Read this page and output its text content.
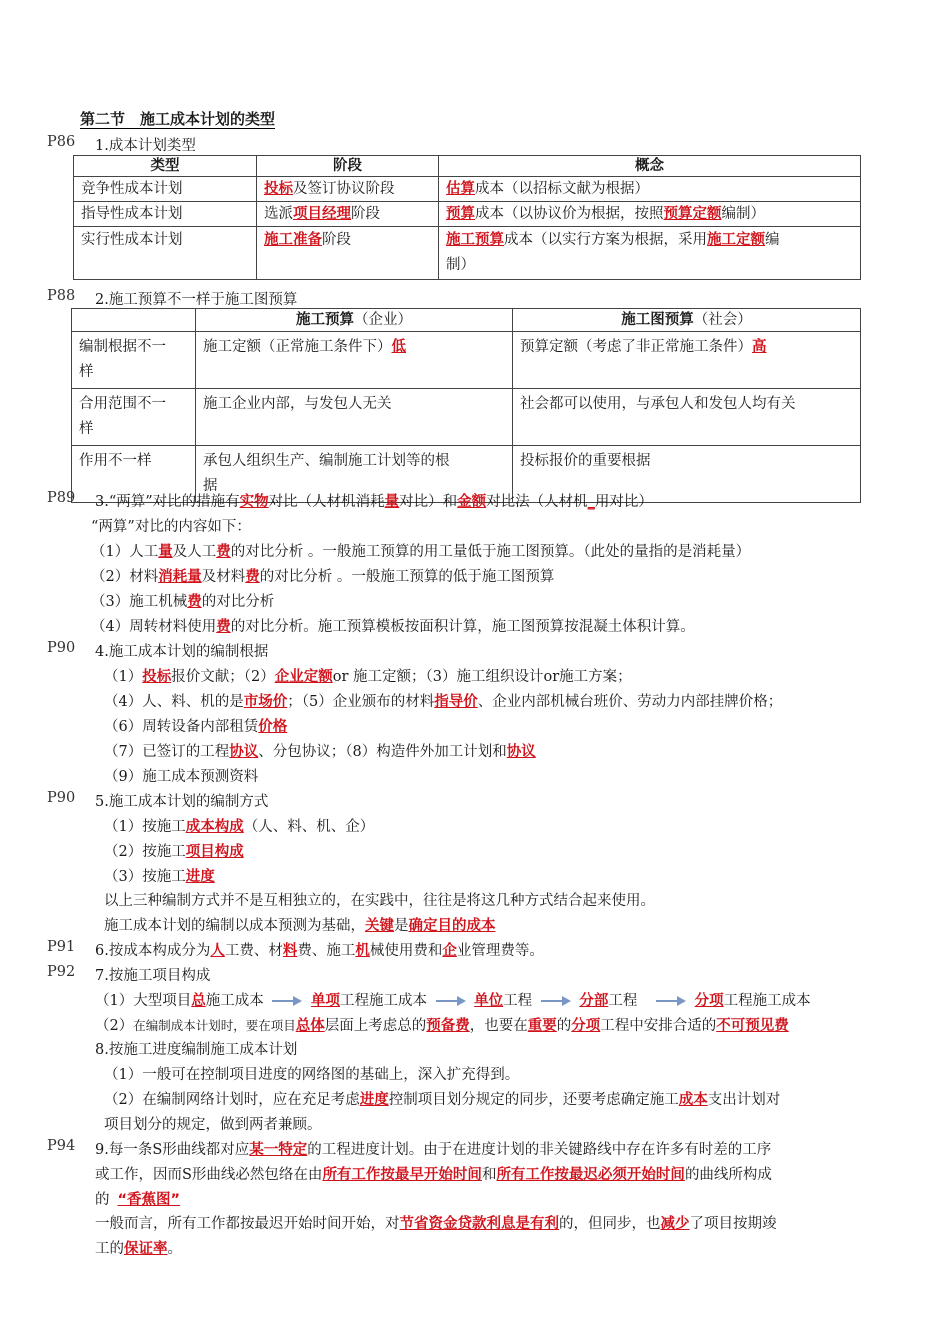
第二节　施工成本计划的类型
P86 1.成本计划类型
类型	阶段	概念
竞争性成本计划	投标及签订协议阶段	估算成本（以招标文献为根据）
指导性成本计划	选派项目经理阶段	预算成本（以协议价为根据，按照预算定额编制）
实行性成本计划	施工准备阶段	施工预算成本（以实行方案为根据，采用施工定额编
制）
P88 2.施工预算不一样于施工图预算
	施工预算（企业）	施工图预算（社会）
编制根据不一
样	施工定额（正常施工条件下）低	预算定额（考虑了非正常施工条件）高
合用范围不一
样	施工企业内部，与发包人无关	社会都可以使用，与承包人和发包人均有关
作用不一样	承包人组织生产、编制施工计划等的根
据	投标报价的重要根据
P89 3.“两算”对比的措施有实物对比（人材机消耗量对比）和金额对比法（人材机_用对比）
“两算”对比的内容如下：
（1）人工量及人工费的对比分析 。一般施工预算的用工量低于施工图预算。（此处的量指的是消耗量）
（2）材料消耗量及材料费的对比分析 。一般施工预算的低于施工图预算
（3）施工机械费的对比分析
（4）周转材料使用费的对比分析。施工预算模板按面积计算，施工图预算按混凝土体积计算。
P90 4.施工成本计划的编制根据
（1）投标报价文献；（2）企业定额or 施工定额；（3）施工组织设计or施工方案；
（4）人、料、机的是市场价；（5）企业颁布的材料指导价、企业内部机械台班价、劳动力内部挂牌价格；
（6）周转设备内部租赁价格
（7）已签订的工程协议、分包协议；（8）构造件外加工计划和协议
（9）施工成本预测资料
P90 5.施工成本计划的编制方式
（1）按施工成本构成（人、料、机、企）
（2）按施工项目构成
（3）按施工进度
以上三种编制方式并不是互相独立的，在实践中，往往是将这几种方式结合起来使用。
施工成本计划的编制以成本预测为基础，关键是确定目的成本
P91 6.按成本构成分为人工费、材料费、施工机械使用费和企业管理费等。
P92 7.按施工项目构成
（1）大型项目总施工成本	单项工程施工成本	单位工程	分部工程	分项工程施工成本
（2）在编制成本计划时，要在项目总体层面上考虑总的预备费，也要在重要的分项工程中安排合适的不可预见费
8.按施工进度编制施工成本计划
（1）一般可在控制项目进度的网络图的基础上，深入扩充得到。
（2）在编制网络计划时，应在充足考虑进度控制项目划分规定的同步，还要考虑确定施工成本支出计划对
项目划分的规定，做到两者兼顾。
P94 9.每一条S形曲线都对应某一特定的工程进度计划。由于在进度计划的非关键路线中存在许多有时差的工序
或工作，因而S形曲线必然包络在由所有工作按最早开始时间和所有工作按最迟必须开始时间的曲线所构成
的 “香蕉图”
一般而言，所有工作都按最迟开始时间开始，对节省资金贷款利息是有利的，但同步，也减少了项目按期竣
工的保证率。
